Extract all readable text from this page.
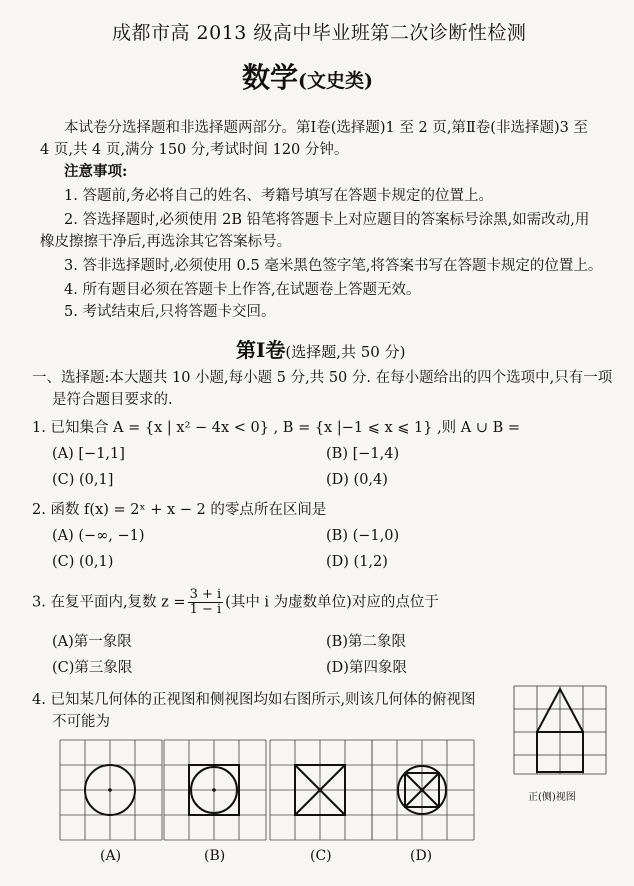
成都市高 2013 级高中毕业班第二次诊断性检测
数学(文史类)
本试卷分选择题和非选择题两部分。第Ⅰ卷(选择题)1 至 2 页,第Ⅱ卷(非选择题)3 至
4 页,共 4 页,满分 150 分,考试时间 120 分钟。
注意事项:
1. 答题前,务必将自己的姓名、考籍号填写在答题卡规定的位置上。
2. 答选择题时,必须使用 2B 铅笔将答题卡上对应题目的答案标号涂黑,如需改动,用
橡皮擦擦干净后,再选涂其它答案标号。
3. 答非选择题时,必须使用 0.5 毫米黑色签字笔,将答案书写在答题卡规定的位置上。
4. 所有题目必须在答题卡上作答,在试题卷上答题无效。
5. 考试结束后,只将答题卡交回。
第Ⅰ卷(选择题,共 50 分)
一、选择题:本大题共 10 小题,每小题 5 分,共 50 分. 在每小题给出的四个选项中,只有一项
是符合题目要求的.
1. 已知集合 A = {x | x² − 4x < 0} , B = {x |−1 ⩽ x ⩽ 1} ,则 A ∪ B =
(A) [−1,1]	(B) [−1,4)
(C) (0,1]	(D) (0,4)
2. 函数 f(x) = 2ˣ + x − 2 的零点所在区间是
(A) (−∞, −1)	(B) (−1,0)
(C) (0,1)	(D) (1,2)
3. 在复平面内,复数 $z = \frac{3 + i}{1 - i}$ (其中 i 为虚数单位)对应的点位于
(A)第一象限	(B)第二象限
(C)第三象限	(D)第四象限
4. 已知某几何体的正视图和侧视图均如右图所示,则该几何体的俯视图
不可能为
正(侧)视图
(A)	(B)	(C)	(D)
